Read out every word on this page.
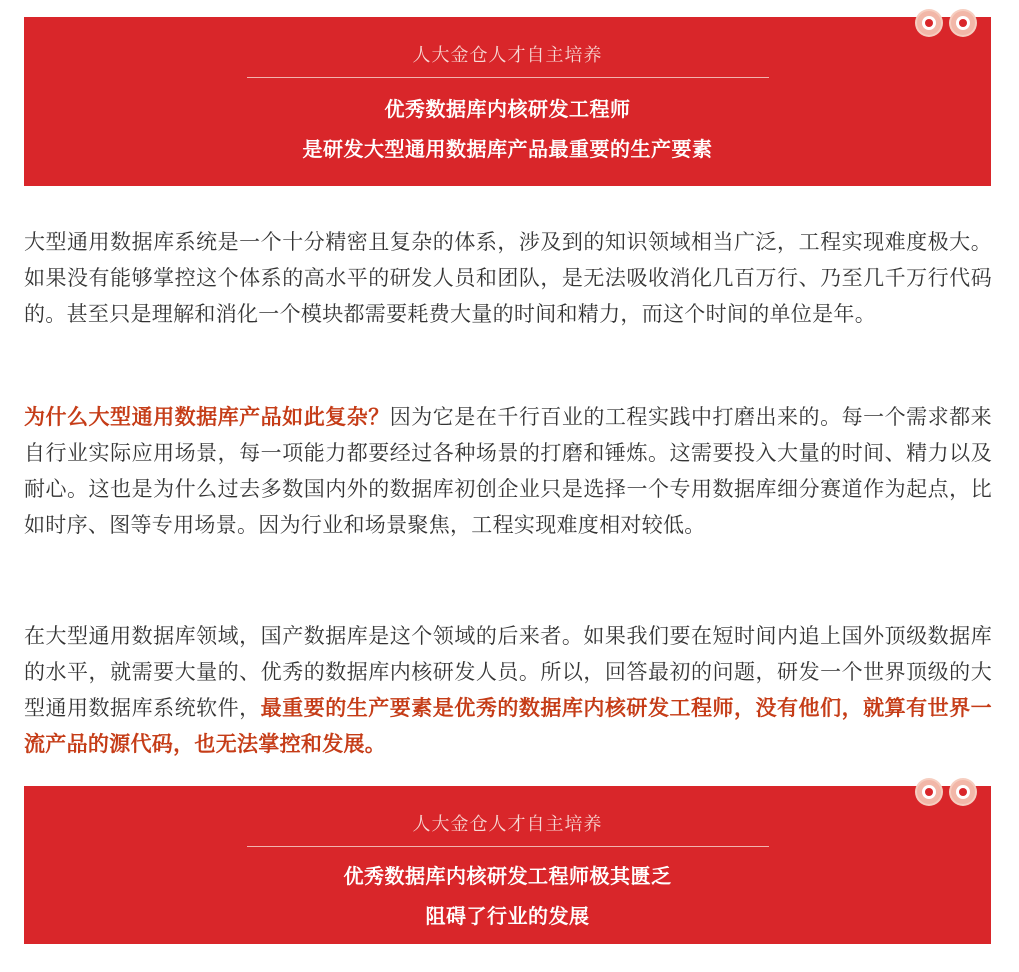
人大金仓人才自主培养
优秀数据库内核研发工程师
是研发大型通用数据库产品最重要的生产要素

大型通用数据库系统是一个十分精密且复杂的体系，涉及到的知识领域相当广泛，工程实现难度极大。如果没有能够掌控这个体系的高水平的研发人员和团队，是无法吸收消化几百万行、乃至几千万行代码的。甚至只是理解和消化一个模块都需要耗费大量的时间和精力，而这个时间的单位是年。

为什么大型通用数据库产品如此复杂？因为它是在千行百业的工程实践中打磨出来的。每一个需求都来自行业实际应用场景，每一项能力都要经过各种场景的打磨和锤炼。这需要投入大量的时间、精力以及耐心。这也是为什么过去多数国内外的数据库初创企业只是选择一个专用数据库细分赛道作为起点，比如时序、图等专用场景。因为行业和场景聚焦，工程实现难度相对较低。

在大型通用数据库领域，国产数据库是这个领域的后来者。如果我们要在短时间内追上国外顶级数据库的水平，就需要大量的、优秀的数据库内核研发人员。所以，回答最初的问题，研发一个世界顶级的大型通用数据库系统软件，最重要的生产要素是优秀的数据库内核研发工程师，没有他们，就算有世界一流产品的源代码，也无法掌控和发展。

人大金仓人才自主培养
优秀数据库内核研发工程师极其匮乏
阻碍了行业的发展
